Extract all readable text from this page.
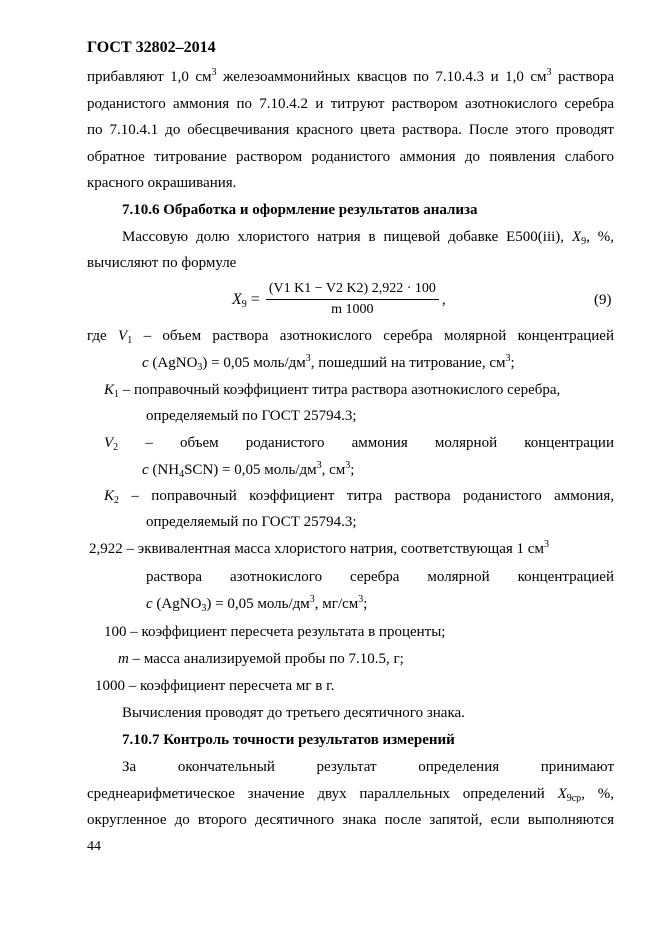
ГОСТ 32802–2014
прибавляют 1,0 $см^3$ железоаммонийных квасцов по 7.10.4.3 и 1,0 $см^3$ раствора
роданистого аммония по 7.10.4.2 и титруют раствором азотнокислого серебра
по 7.10.4.1 до обесцвечивания красного цвета раствора. После этого проводят
обратное титрование раствором роданистого аммония до появления слабого
красного окрашивания.
7.10.6 Обработка и оформление результатов анализа
Массовую долю хлористого натрия в пищевой добавке Е500(iii), $X_9$, %,
вычисляют по формуле
$X_9 = \frac{(V1 K1 - V2 K2) 2,922 \cdot 100}{m 1000}$ ,	(9)
где $V_1$ – объем раствора азотнокислого серебра молярной концентрацией
c (AgNO$_3$) = 0,05 моль/$дм^3$, пошедший на титрование, $см^3$;
$K_1$ – поправочный коэффициент титра раствора азотнокислого серебра,
определяемый по ГОСТ 25794.3;
$V_2$ – объем роданистого аммония молярной концентрации
c $(NH_4SCN) = 0,05$ моль/$дм^3$, $см^3$;
$K_2$ – поправочный коэффициент титра раствора роданистого аммония,
определяемый по ГОСТ 25794.3;
2,922 – эквивалентная масса хлористого натрия, соответствующая 1 $см^3$
раствора азотнокислого серебра молярной концентрацией
c (AgNO$_3$) = 0,05 моль/$дм^3$, $мг/см^3$;
100 – коэффициент пересчета результата в проценты;
m – масса анализируемой пробы по 7.10.5, г;
1000 – коэффициент пересчета мг в г.
Вычисления проводят до третьего десятичного знака.
7.10.7 Контроль точности результатов измерений
За окончательный результат определения принимают
среднеарифметическое значение двух параллельных определений $X_{9ср}$, %,
округленное до второго десятичного знака после запятой, если выполняются
44
